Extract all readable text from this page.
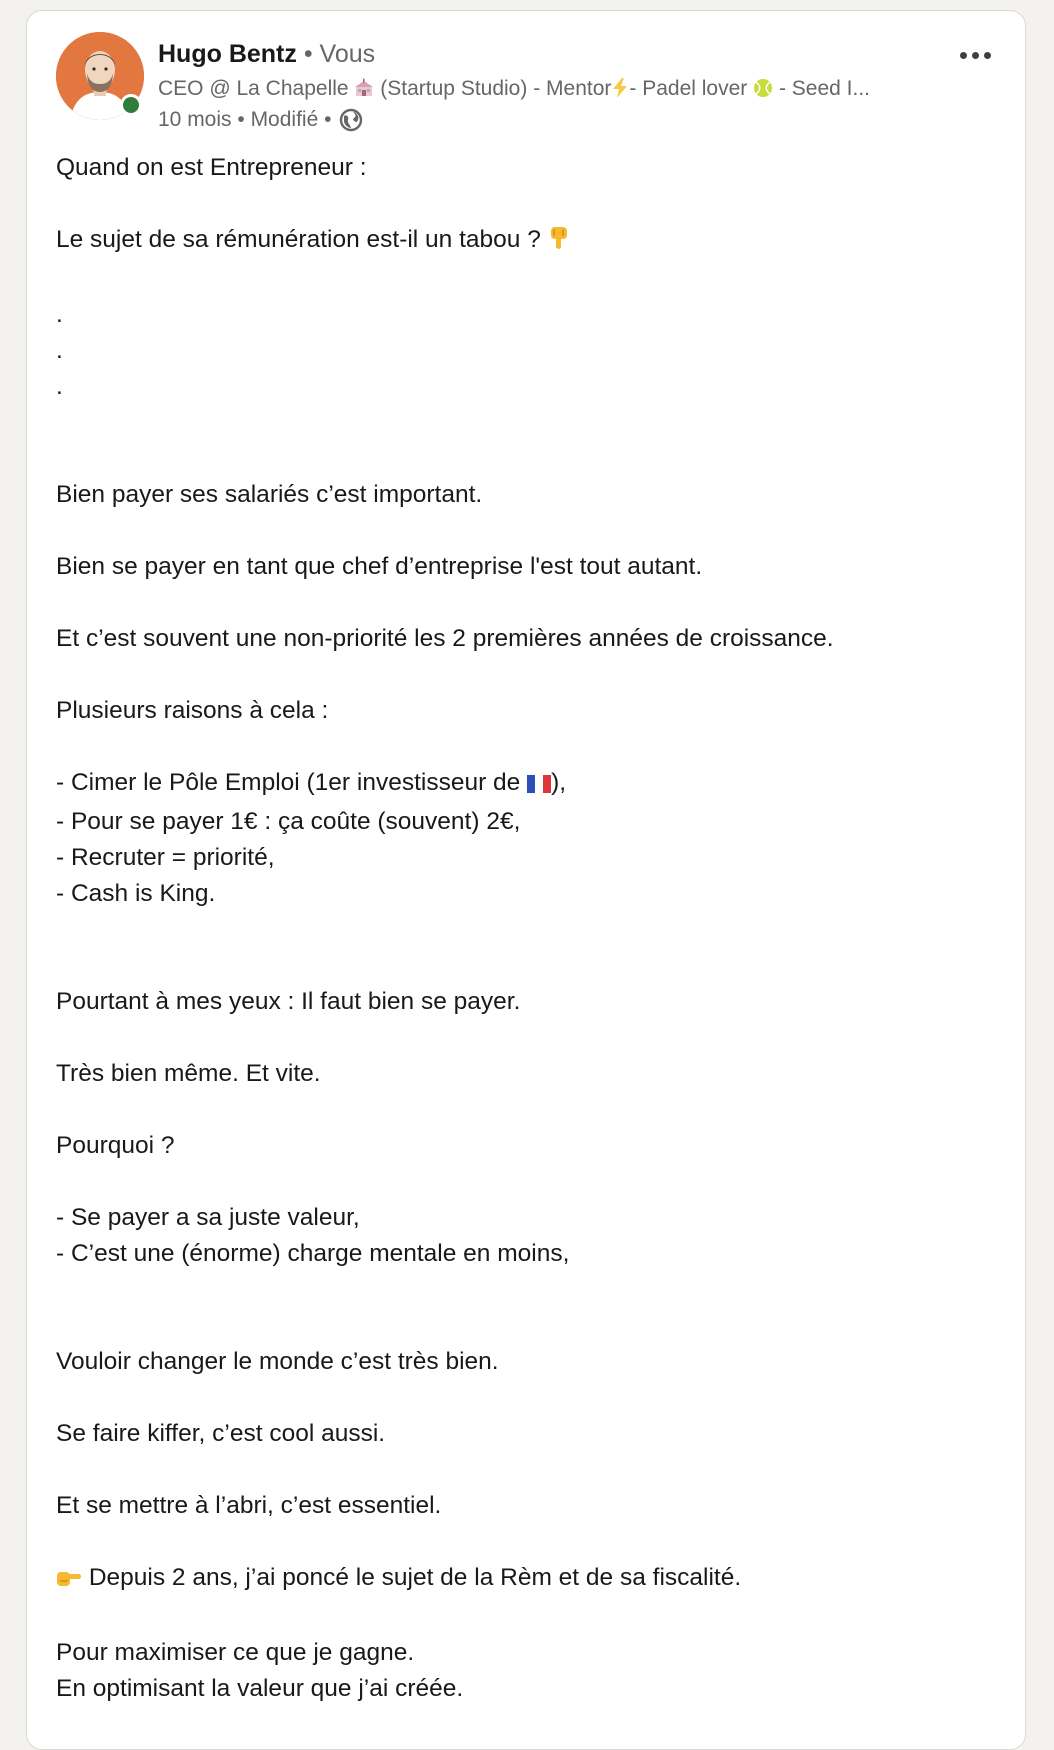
Hugo Bentz • Vous
CEO @ La Chapelle (Startup Studio) - Mentor - Padel lover - Seed I...
10 mois • Modifié •

Quand on est Entrepreneur :

Le sujet de sa rémunération est-il un tabou ?

.

.

.

Bien payer ses salariés c’est important.

Bien se payer en tant que chef d’entreprise l'est tout autant.

Et c’est souvent une non-priorité les 2 premières années de croissance.

Plusieurs raisons à cela :

- Cimer le Pôle Emploi (1er investisseur de ),

- Pour se payer 1€ : ça coûte (souvent) 2€,

- Recruter = priorité,

- Cash is King.

Pourtant à mes yeux : Il faut bien se payer.

Très bien même. Et vite.

Pourquoi ?

- Se payer a sa juste valeur,

- C’est une (énorme) charge mentale en moins,

Vouloir changer le monde c’est très bien.

Se faire kiffer, c’est cool aussi.

Et se mettre à l’abri, c’est essentiel.

Depuis 2 ans, j’ai poncé le sujet de la Rèm et de sa fiscalité.

Pour maximiser ce que je gagne.

En optimisant la valeur que j’ai créée.
